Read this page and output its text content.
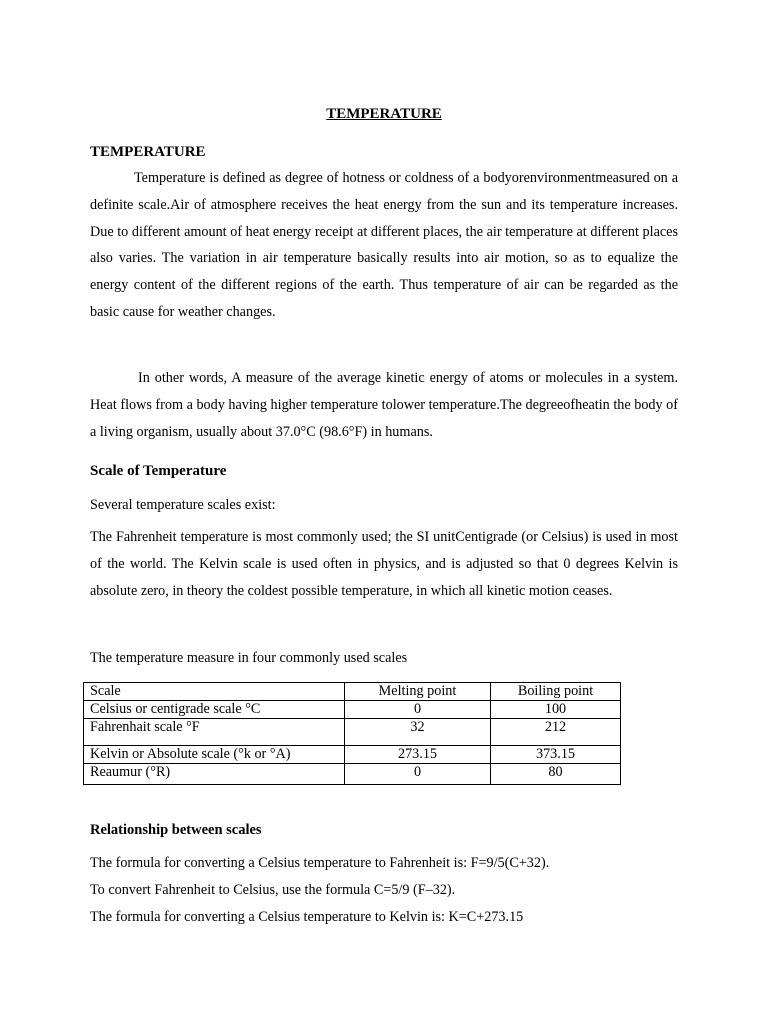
TEMPERATURE
TEMPERATURE

Temperature is defined as degree of hotness or coldness of a bodyorenvironmentmeasured on a definite scale.Air of atmosphere receives the heat energy from the sun and its temperature increases. Due to different amount of heat energy receipt at different places, the air temperature at different places also varies. The variation in air temperature basically results into air motion, so as to equalize the energy content of the different regions of the earth. Thus temperature of air can be regarded as the basic cause for weather changes.

In other words, A measure of the average kinetic energy of atoms or molecules in a system. Heat flows from a body having higher temperature tolower temperature.The degreeofheatin the body of a living organism, usually about 37.0°C (98.6°F) in humans.

Scale of Temperature
Several temperature scales exist:

The Fahrenheit temperature is most commonly used; the SI unitCentigrade (or Celsius) is used in most of the world. The Kelvin scale is used often in physics, and is adjusted so that 0 degrees Kelvin is absolute zero, in theory the coldest possible temperature, in which all kinetic motion ceases.

The temperature measure in four commonly used scales
Scale	Melting point	Boiling point
Celsius or centigrade scale °C	0	100
Fahrenhait scale °F	32	212
Kelvin or Absolute scale (°k or °A)	273.15	373.15
Reaumur (°R)	0	80
Relationship between scales
The formula for converting a Celsius temperature to Fahrenheit is: F=9/5(C+32).
To convert Fahrenheit to Celsius, use the formula C=5/9 (F–32).
The formula for converting a Celsius temperature to Kelvin is: K=C+273.15
